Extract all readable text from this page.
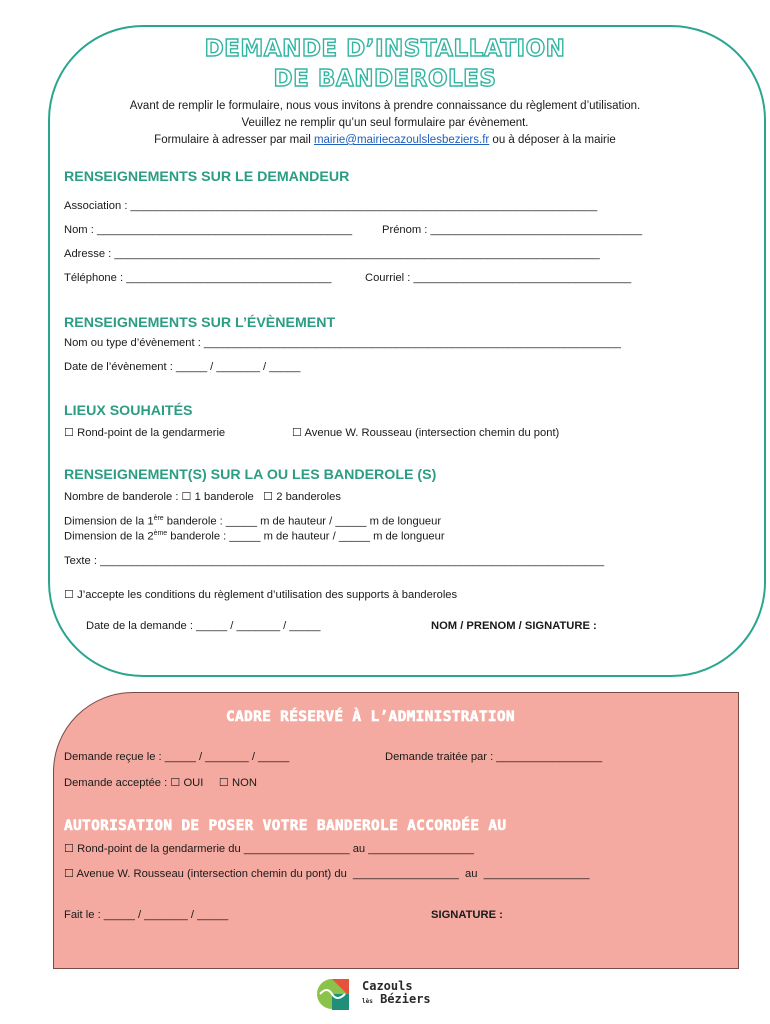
DEMANDE D’INSTALLATION
DE BANDEROLES
Avant de remplir le formulaire, nous vous invitons à prendre connaissance du règlement d’utilisation.
Veuillez ne remplir qu’un seul formulaire par évènement.
Formulaire à adresser par mail mairie@mairiecazoulslesbeziers.fr ou à déposer à la mairie
RENSEIGNEMENTS SUR LE DEMANDEUR
Association : ___________________________________________________________________________
Nom : _________________________________________	Prénom : __________________________________
Adresse : ______________________________________________________________________________
Téléphone : _________________________________	Courriel : ___________________________________
RENSEIGNEMENTS SUR L’ÉVÈNEMENT
Nom ou type d’évènement : ___________________________________________________________________
Date de l’évènement : _____ / _______ / _____
LIEUX SOUHAITÉS
☐ Rond-point de la gendarmerie	☐ Avenue W. Rousseau (intersection chemin du pont)
RENSEIGNEMENT(S) SUR LA OU LES BANDEROLE (S)
Nombre de banderole : ☐ 1 banderole   ☐ 2 banderoles
Dimension de la 1ère banderole : _____ m de hauteur / _____ m de longueur
Dimension de la 2ème banderole : _____ m de hauteur / _____ m de longueur
Texte : _________________________________________________________________________________
☐ J’accepte les conditions du règlement d’utilisation des supports à banderoles
Date de la demande : _____ / _______ / _____	NOM / PRENOM / SIGNATURE :
CADRE RÉSERVÉ À L’ADMINISTRATION
Demande reçue le : _____ / _______ / _____	Demande traitée par : _________________
Demande acceptée : ☐ OUI     ☐ NON
AUTORISATION DE POSER VOTRE BANDEROLE ACCORDÉE AU
☐ Rond-point de la gendarmerie du _________________ au _________________
☐ Avenue W. Rousseau (intersection chemin du pont) du  _________________  au  _________________
Fait le : _____ / _______ / _____	SIGNATURE :
Cazouls
lès Béziers
